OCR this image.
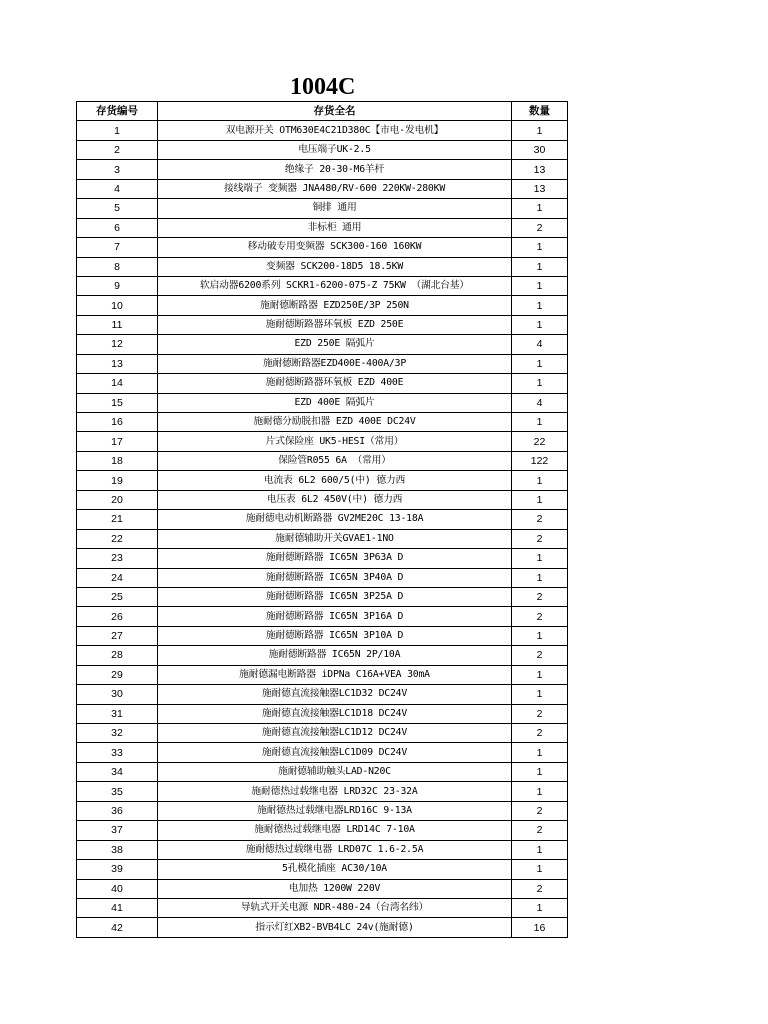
1004C
存货编号	存货全名	数量
1	双电源开关 OTM630E4C21D380C【市电-发电机】	1
2	电压端子UK-2.5	30
3	绝缘子 20-30-M6羊杆	13
4	接线端子 变频器 JNA480/RV-600 220KW-280KW	13
5	铜排 通用	1
6	非标柜 通用	2
7	移动破专用变频器 SCK300-160 160KW	1
8	变频器 SCK200-18D5 18.5KW	1
9	软启动器6200系列 SCKR1-6200-075-Z 75KW （湖北台基）	1
10	施耐德断路器 EZD250E/3P 250N	1
11	施耐德断路器环氧板 EZD 250E	1
12	EZD 250E 隔弧片	4
13	施耐德断路器EZD400E-400A/3P	1
14	施耐德断路器环氧板 EZD 400E	1
15	EZD 400E 隔弧片	4
16	施耐德分励脱扣器 EZD 400E DC24V	1
17	片式保险座 UK5-HESI（常用）	22
18	保险管R055 6A （常用）	122
19	电流表 6L2 600/5(中) 德力西	1
20	电压表 6L2 450V(中) 德力西	1
21	施耐德电动机断路器 GV2ME20C 13-18A	2
22	施耐德辅助开关GVAE1-1NO	2
23	施耐德断路器 IC65N 3P63A D	1
24	施耐德断路器 IC65N 3P40A D	1
25	施耐德断路器 IC65N 3P25A D	2
26	施耐德断路器 IC65N 3P16A D	2
27	施耐德断路器 IC65N 3P10A D	1
28	施耐德断路器 IC65N 2P/10A	2
29	施耐德漏电断路器 iDPNa C16A+VEA 30mA	1
30	施耐德直流接触器LC1D32 DC24V	1
31	施耐德直流接触器LC1D18 DC24V	2
32	施耐德直流接触器LC1D12 DC24V	2
33	施耐德直流接触器LC1D09 DC24V	1
34	施耐德辅助触头LAD-N20C	1
35	施耐德热过载继电器 LRD32C 23-32A	1
36	施耐德热过载继电器LRD16C 9-13A	2
37	施耐德热过载继电器 LRD14C 7-10A	2
38	施耐德热过载继电器 LRD07C 1.6-2.5A	1
39	5孔模化插座 AC30/10A	1
40	电加热 1200W 220V	2
41	导轨式开关电源 NDR-480-24（台湾名纬）	1
42	指示灯红XB2-BVB4LC 24v(施耐德)	16
